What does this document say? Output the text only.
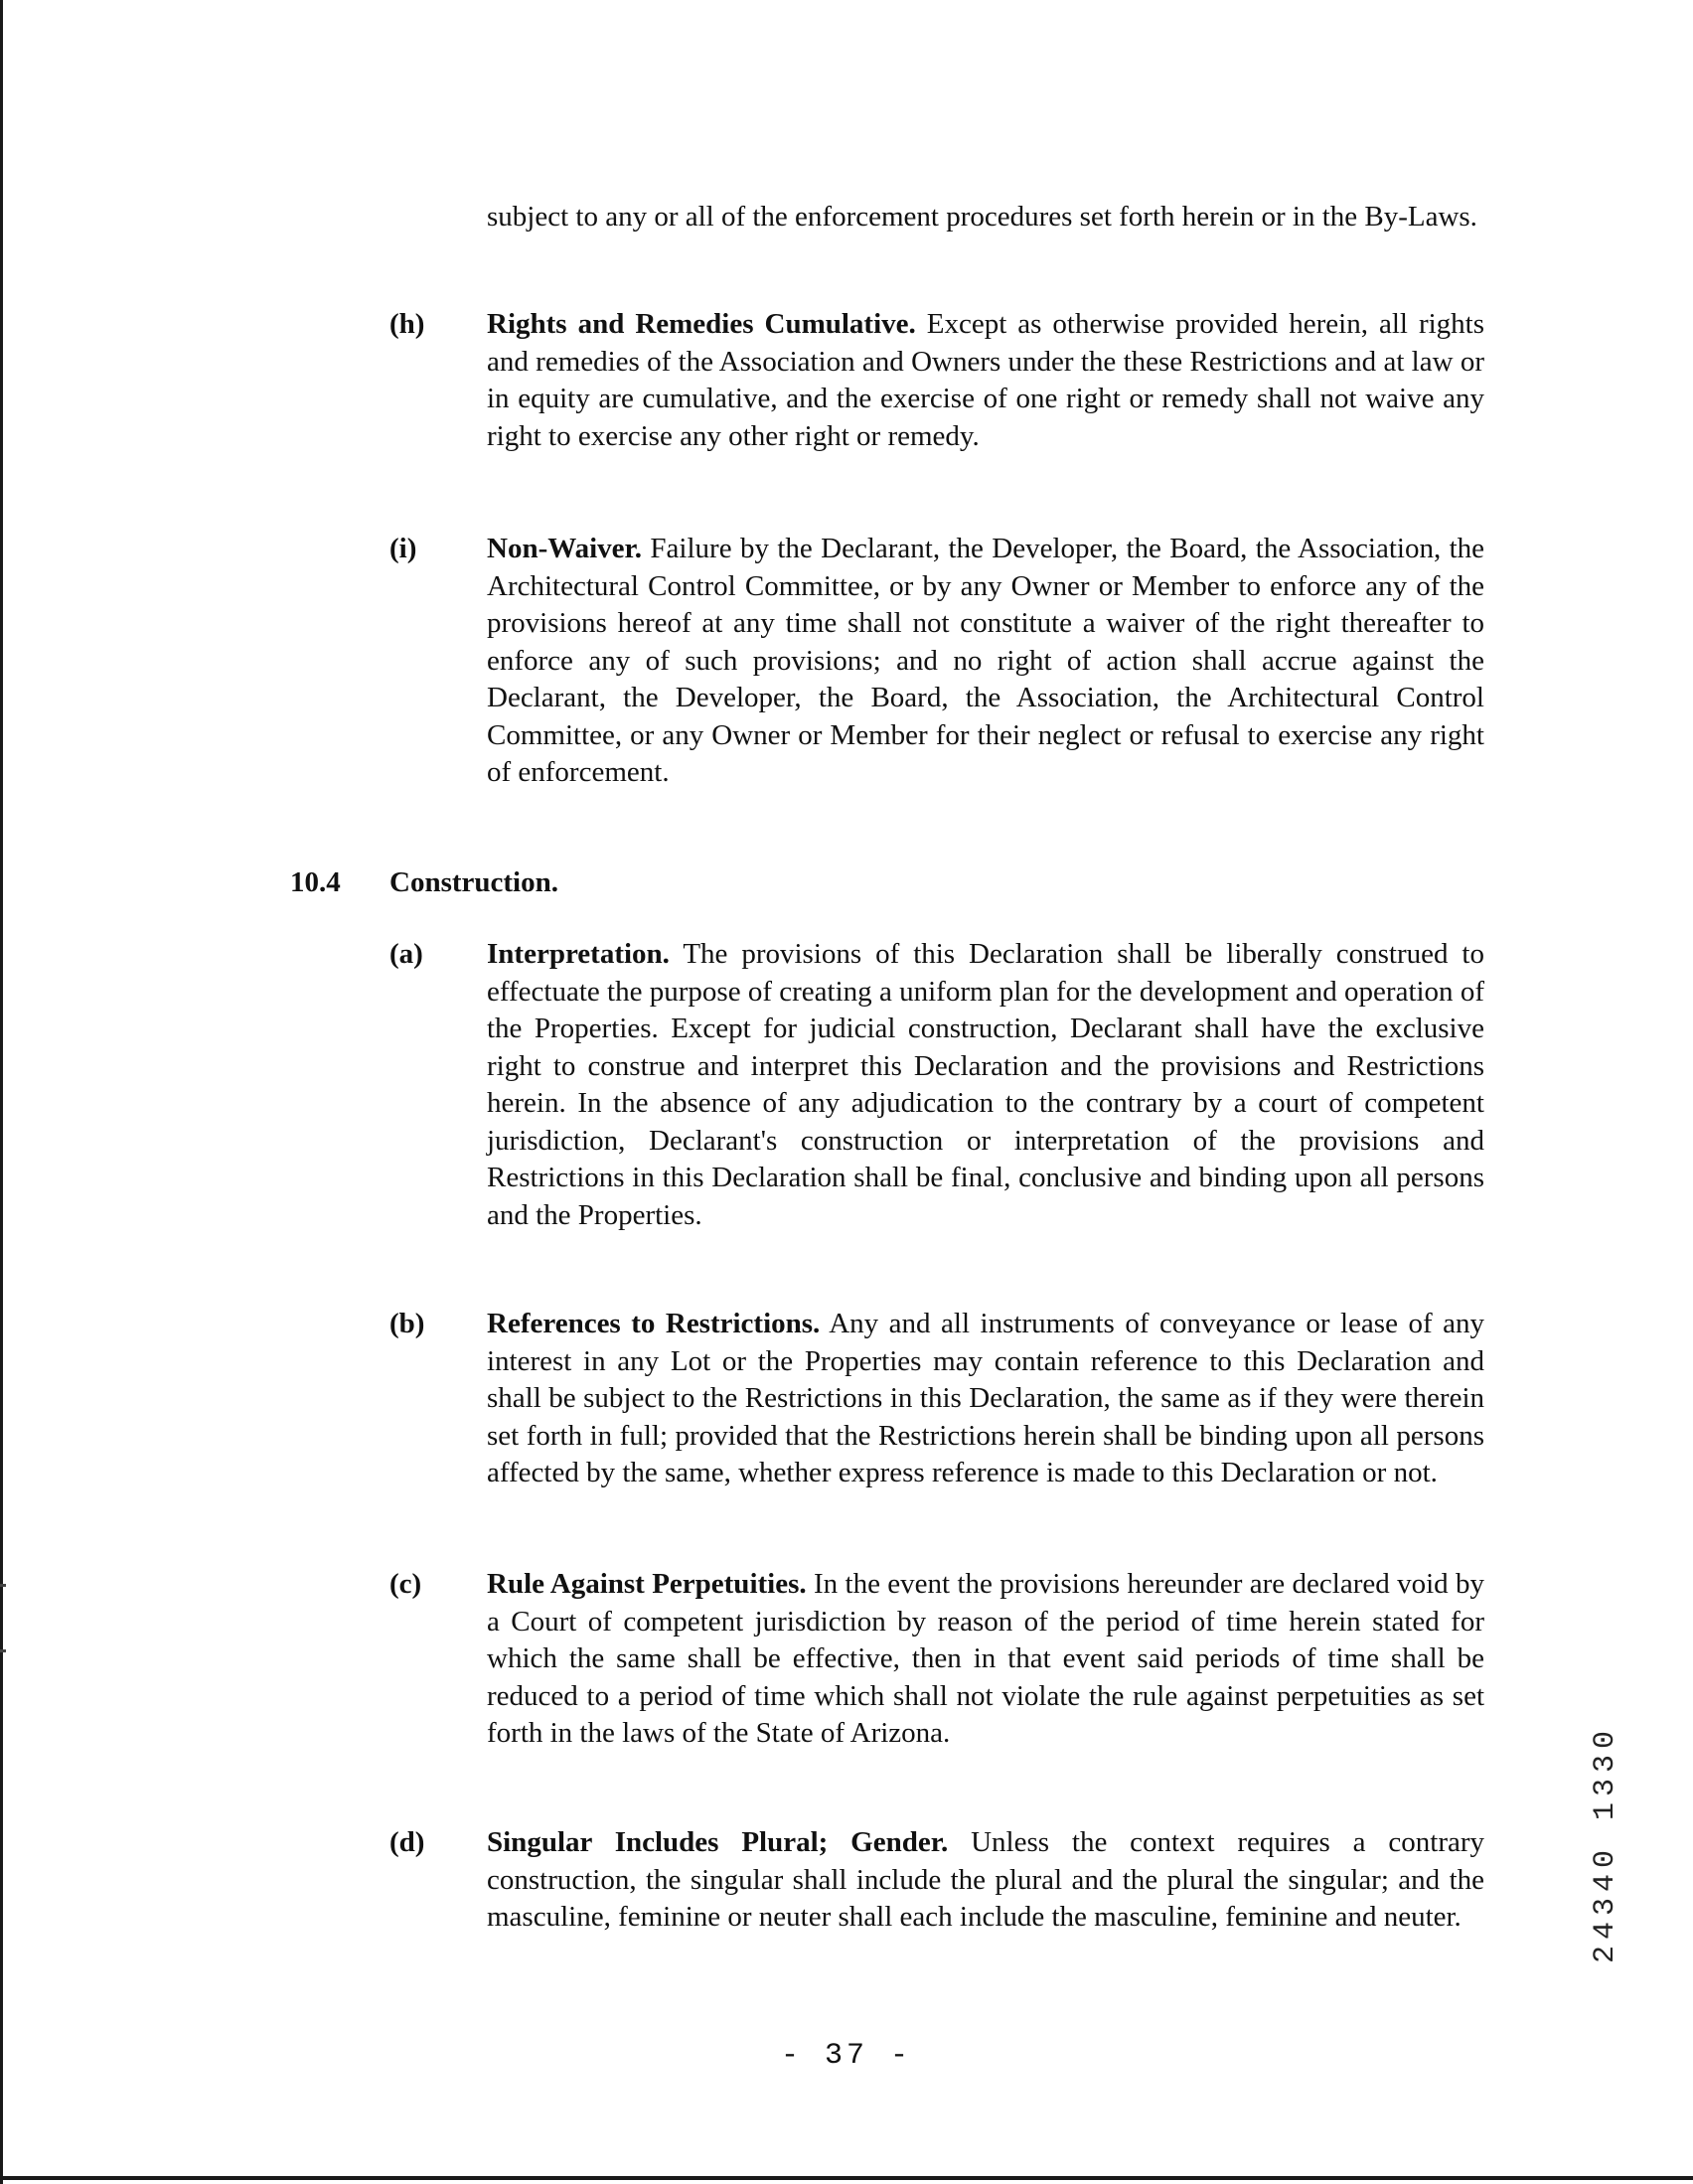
subject to any or all of the enforcement procedures set forth herein or in the By-Laws.

(h) Rights and Remedies Cumulative. Except as otherwise provided herein, all rights and remedies of the Association and Owners under the these Restrictions and at law or in equity are cumulative, and the exercise of one right or remedy shall not waive any right to exercise any other right or remedy.

(i) Non-Waiver. Failure by the Declarant, the Developer, the Board, the Association, the Architectural Control Committee, or by any Owner or Member to enforce any of the provisions hereof at any time shall not constitute a waiver of the right thereafter to enforce any of such provisions; and no right of action shall accrue against the Declarant, the Developer, the Board, the Association, the Architectural Control Committee, or any Owner or Member for their neglect or refusal to exercise any right of enforcement.

10.4 Construction.
(a) Interpretation. The provisions of this Declaration shall be liberally construed to effectuate the purpose of creating a uniform plan for the development and operation of the Properties. Except for judicial construction, Declarant shall have the exclusive right to construe and interpret this Declaration and the provisions and Restrictions herein. In the absence of any adjudication to the contrary by a court of competent jurisdiction, Declarant's construction or interpretation of the provisions and Restrictions in this Declaration shall be final, conclusive and binding upon all persons and the Properties.

(b) References to Restrictions. Any and all instruments of conveyance or lease of any interest in any Lot or the Properties may contain reference to this Declaration and shall be subject to the Restrictions in this Declaration, the same as if they were therein set forth in full; provided that the Restrictions herein shall be binding upon all persons affected by the same, whether express reference is made to this Declaration or not.

(c) Rule Against Perpetuities. In the event the provisions hereunder are declared void by a Court of competent jurisdiction by reason of the period of time herein stated for which the same shall be effective, then in that event said periods of time shall be reduced to a period of time which shall not violate the rule against perpetuities as set forth in the laws of the State of Arizona.

(d) Singular Includes Plural; Gender. Unless the context requires a contrary construction, the singular shall include the plural and the plural the singular; and the masculine, feminine or neuter shall each include the masculine, feminine and neuter.

- 37 -
24340 1330
